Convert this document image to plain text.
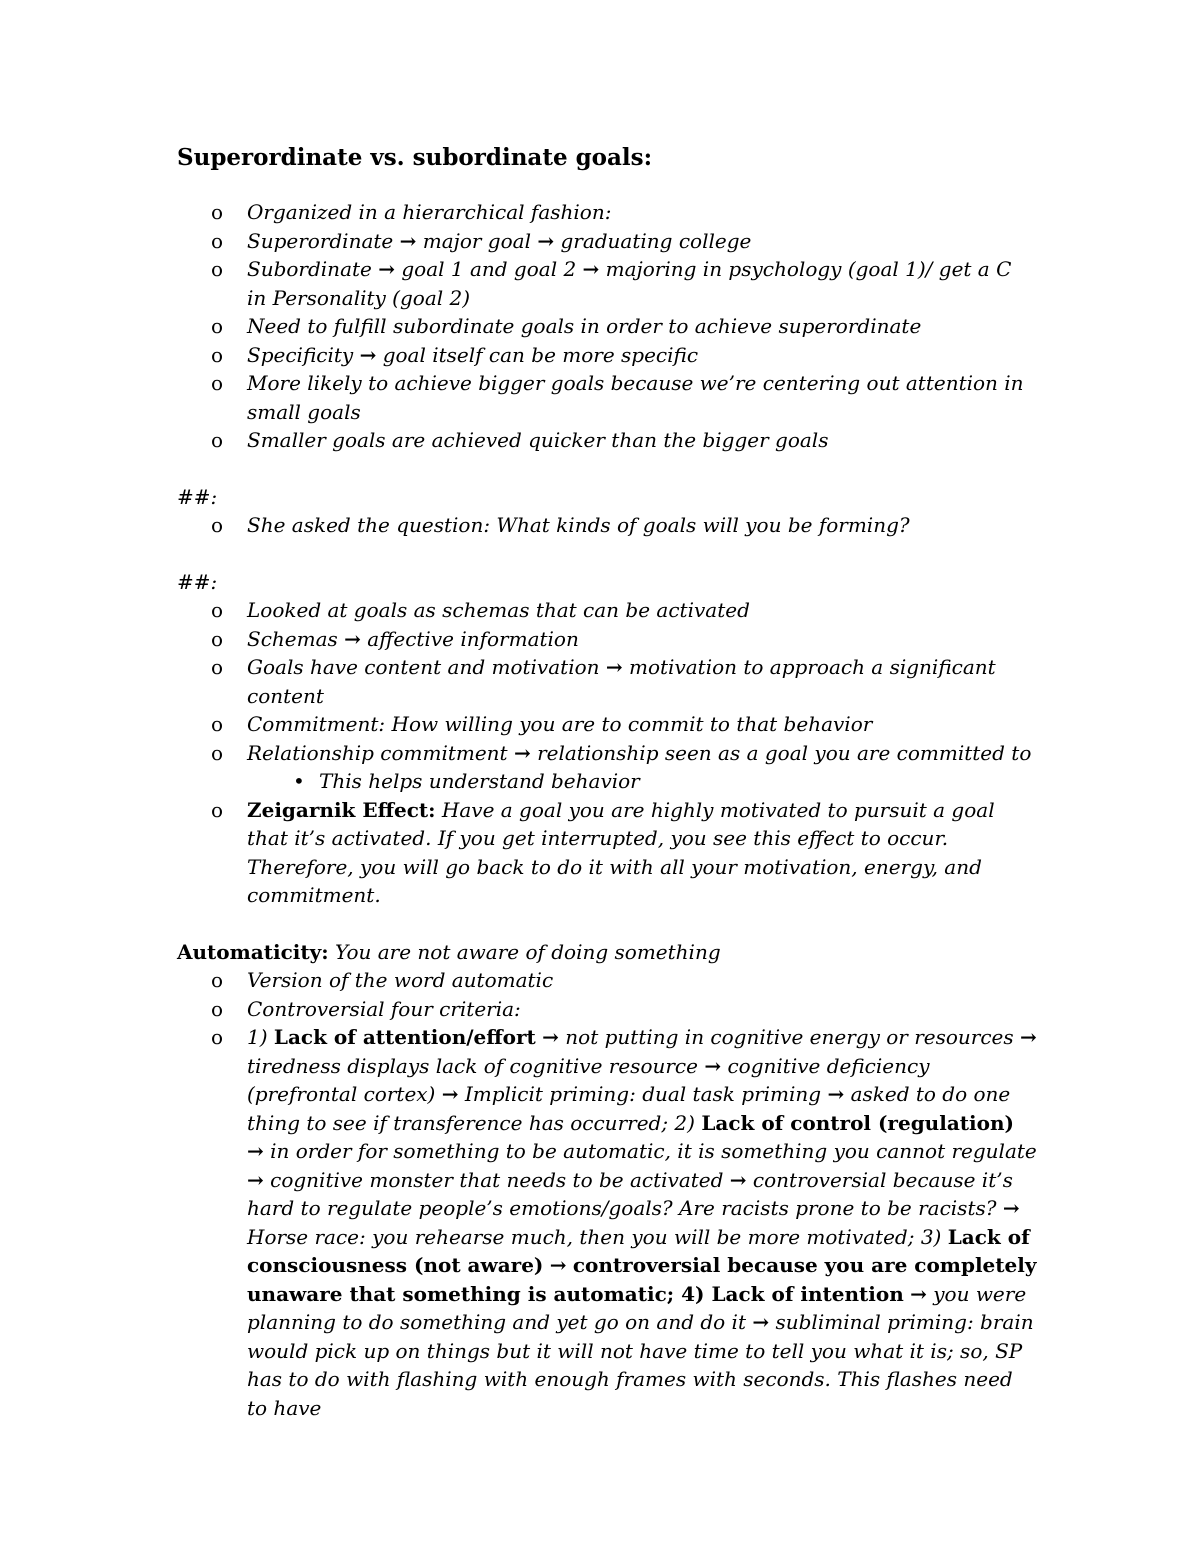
Superordinate vs. subordinate goals:
o Organized in a hierarchical fashion:
o Superordinate → major goal → graduating college
o Subordinate → goal 1 and goal 2 → majoring in psychology (goal 1)/ get a C in Personality (goal 2)
o Need to fulfill subordinate goals in order to achieve superordinate
o Specificity → goal itself can be more specific
o More likely to achieve bigger goals because we’re centering out attention in small goals
o Smaller goals are achieved quicker than the bigger goals
##:
o She asked the question: What kinds of goals will you be forming?
##:
o Looked at goals as schemas that can be activated
o Schemas → affective information
o Goals have content and motivation → motivation to approach a significant content
o Commitment: How willing you are to commit to that behavior
o Relationship commitment → relationship seen as a goal you are committed to
• This helps understand behavior
o Zeigarnik Effect: Have a goal you are highly motivated to pursuit a goal that it’s activated. If you get interrupted, you see this effect to occur. Therefore, you will go back to do it with all your motivation, energy, and commitment.
Automaticity: You are not aware of doing something
o Version of the word automatic
o Controversial four criteria:
o 1) Lack of attention/effort → not putting in cognitive energy or resources → tiredness displays lack of cognitive resource → cognitive deficiency (prefrontal cortex) → Implicit priming: dual task priming → asked to do one thing to see if transference has occurred; 2) Lack of control (regulation) → in order for something to be automatic, it is something you cannot regulate → cognitive monster that needs to be activated → controversial because it’s hard to regulate people’s emotions/goals? Are racists prone to be racists? → Horse race: you rehearse much, then you will be more motivated; 3) Lack of consciousness (not aware) → controversial because you are completely unaware that something is automatic; 4) Lack of intention → you were planning to do something and yet go on and do it → subliminal priming: brain would pick up on things but it will not have time to tell you what it is; so, SP has to do with flashing with enough frames with seconds. This flashes need to have
